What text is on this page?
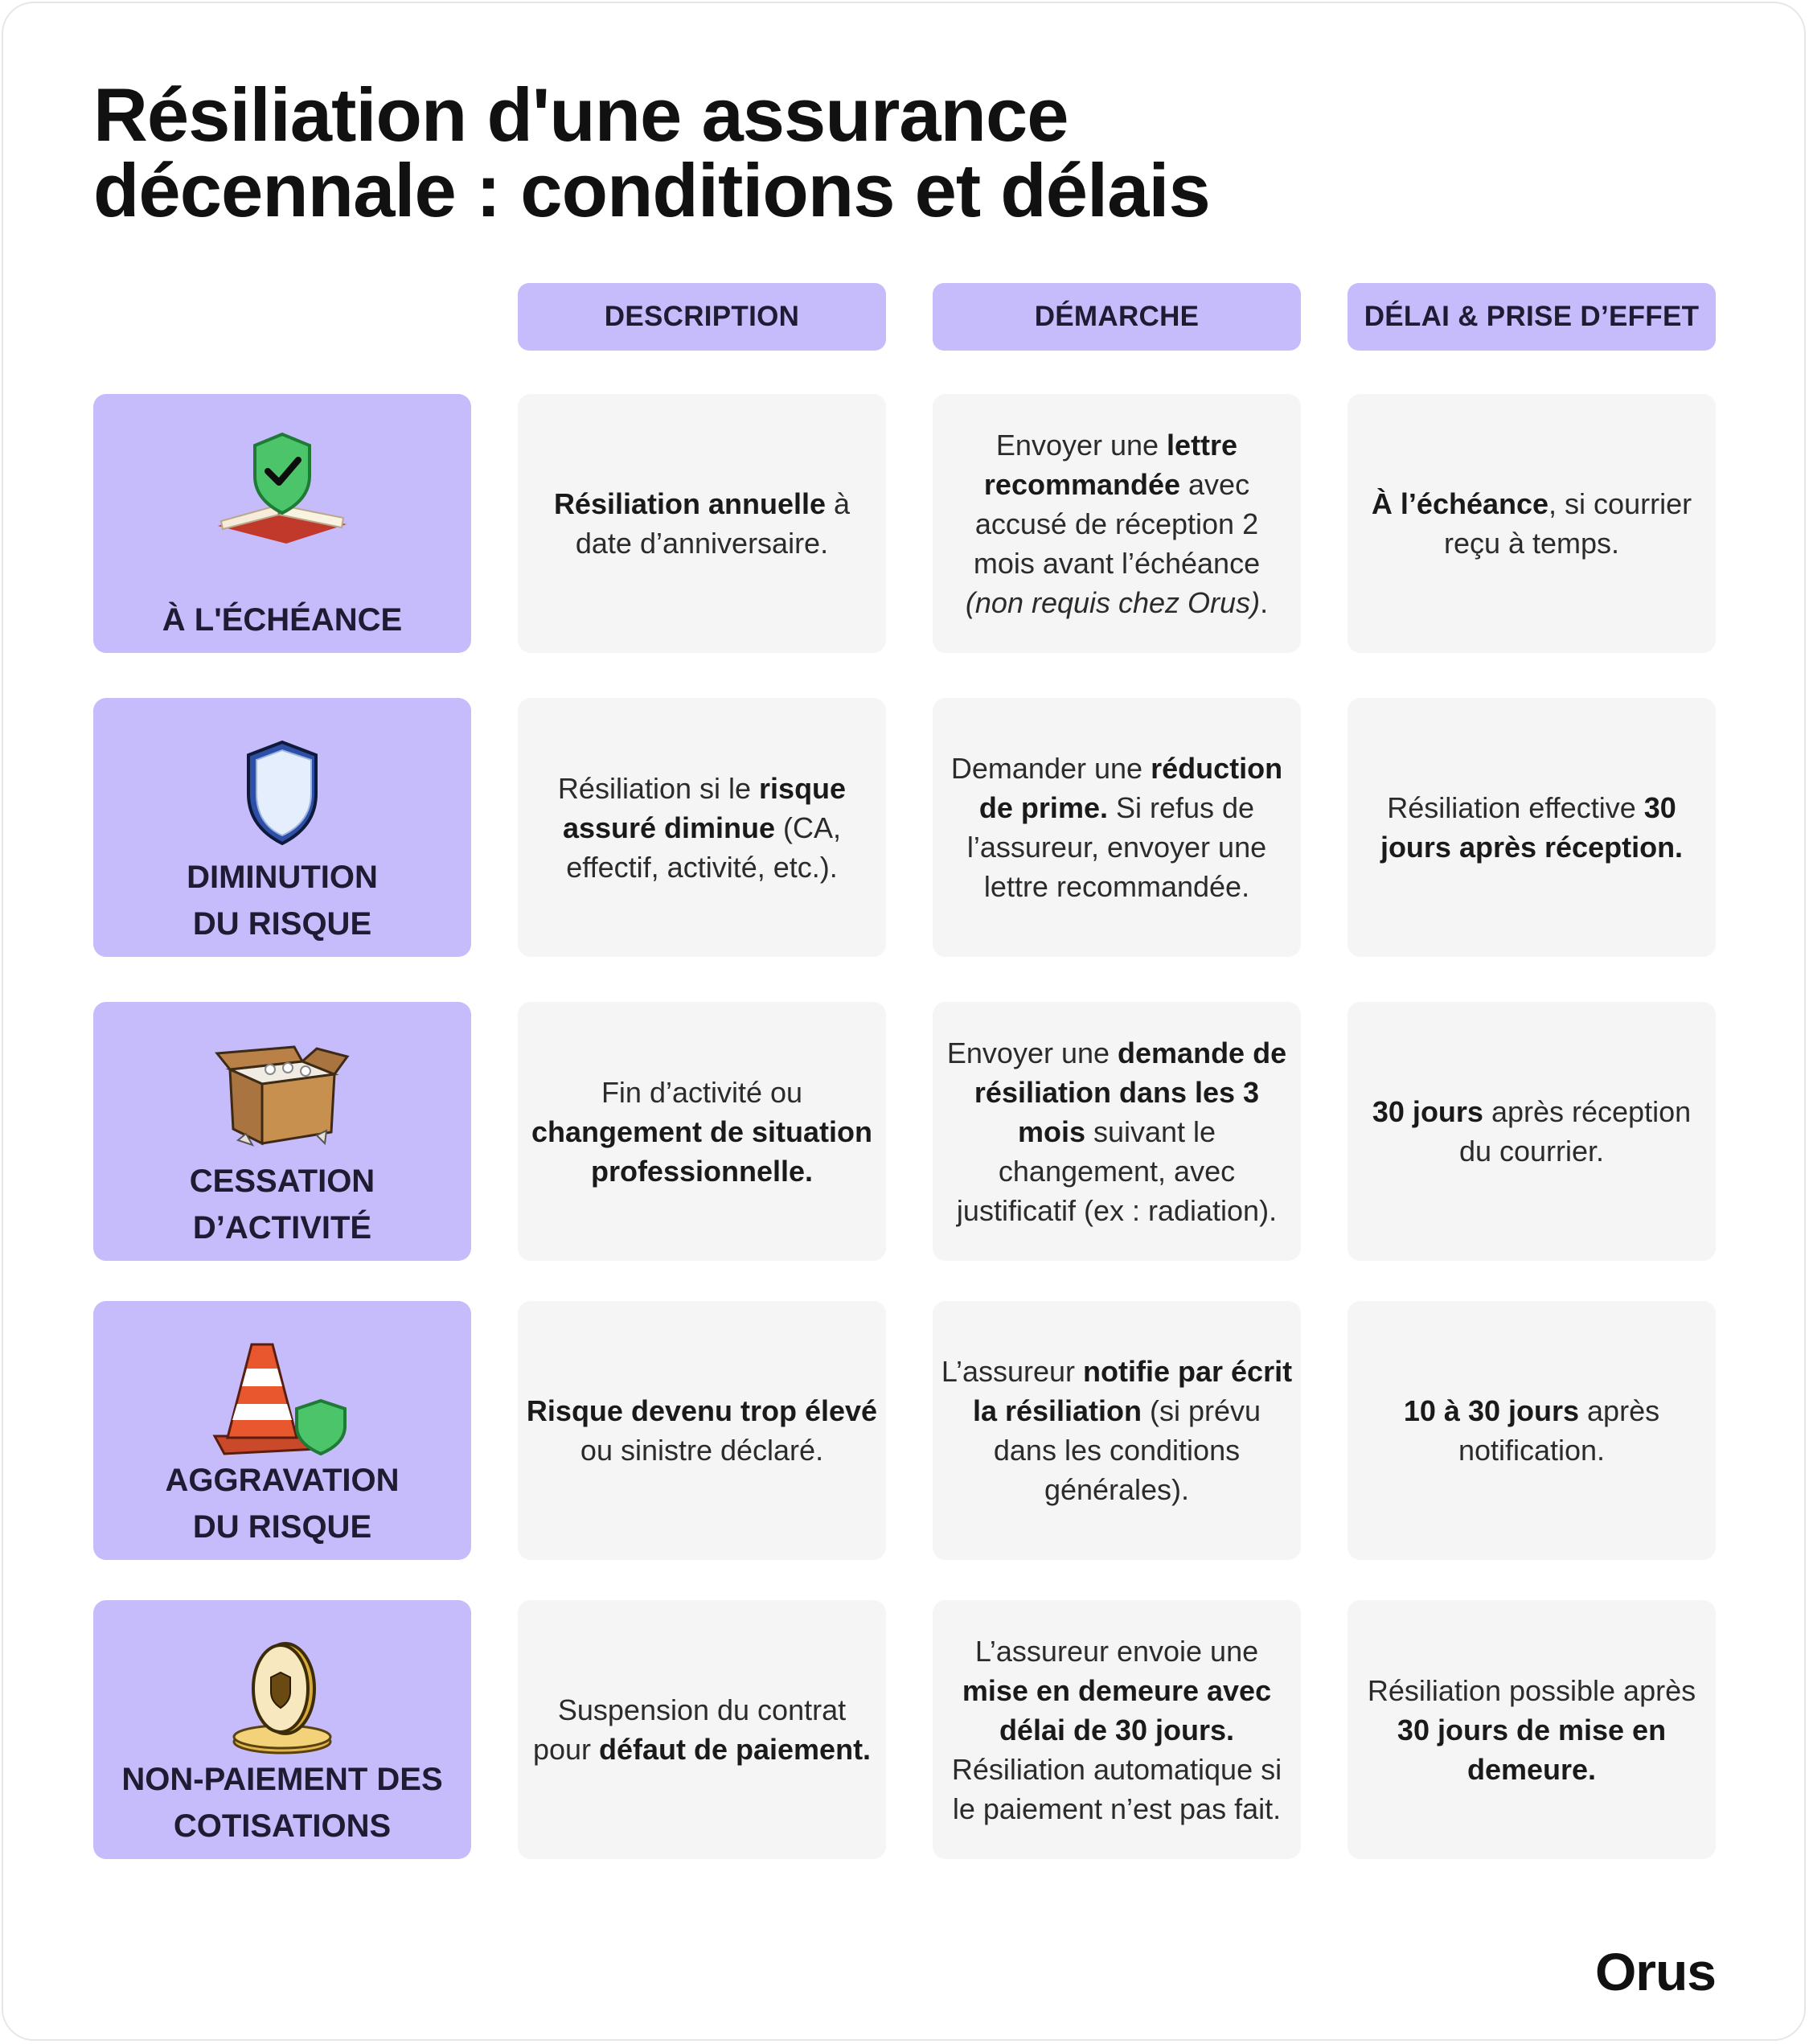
Résiliation d'une assurance
décennale : conditions et délais
DESCRIPTION	DÉMARCHE	DÉLAI & PRISE D’EFFET
À L'ÉCHÉANCE

Résiliation annuelle à date d’anniversaire.

Envoyer une lettre recommandée avec accusé de réception 2 mois avant l’échéance (non requis chez Orus).

À l’échéance, si courrier reçu à temps.

DIMINUTION
DU RISQUE

Résiliation si le risque assuré diminue (CA, effectif, activité, etc.).

Demander une réduction de prime. Si refus de l’assureur, envoyer une lettre recommandée.

Résiliation effective 30 jours après réception.

CESSATION
D’ACTIVITÉ

Fin d’activité ou changement de situation professionnelle.

Envoyer une demande de résiliation dans les 3 mois suivant le changement, avec justificatif (ex : radiation).

30 jours après réception du courrier.

AGGRAVATION
DU RISQUE

Risque devenu trop élevé ou sinistre déclaré.

L’assureur notifie par écrit la résiliation (si prévu dans les conditions générales).

10 à 30 jours après notification.

NON-PAIEMENT DES
COTISATIONS

Suspension du contrat pour défaut de paiement.

L’assureur envoie une mise en demeure avec délai de 30 jours. Résiliation automatique si le paiement n’est pas fait.

Résiliation possible après 30 jours de mise en demeure.

Orus
